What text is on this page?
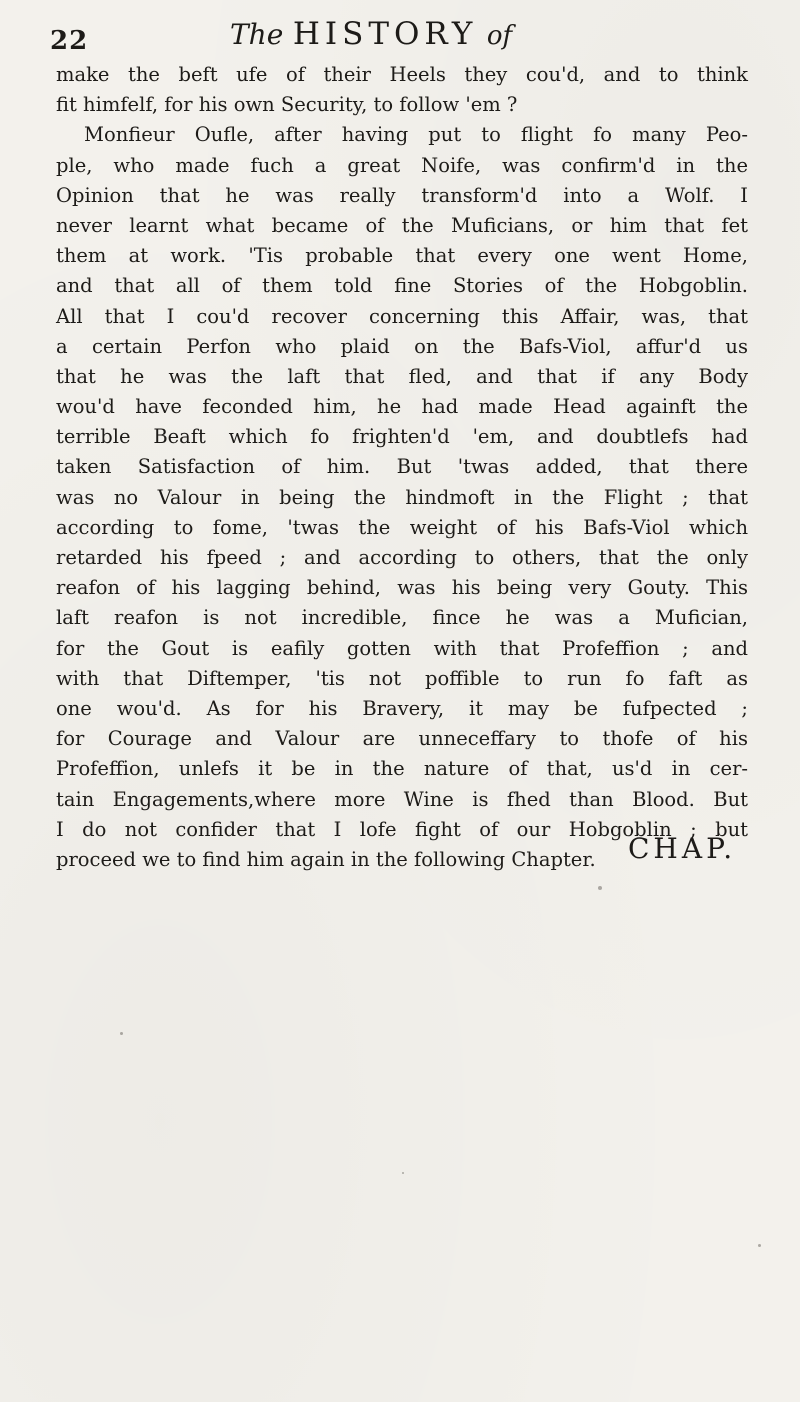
22	The HISTORY of
make the beft ufe of their Heels they cou'd, and to think
fit himfelf, for his own Security, to follow 'em ?
Monfieur Oufle, after having put to flight fo many Peo-
ple, who made fuch a great Noife, was confirm'd in the
Opinion that he was really transform'd into a Wolf. I
never learnt what became of the Muficians, or him that fet
them at work. 'Tis probable that every one went Home,
and that all of them told fine Stories of the Hobgoblin.
All that I cou'd recover concerning this Affair, was, that
a certain Perfon who plaid on the Bafs-Viol, affur'd us
that he was the laft that fled, and that if any Body
wou'd have feconded him, he had made Head againft the
terrible Beaft which fo frighten'd 'em, and doubtlefs had
taken Satisfaction of him. But 'twas added, that there
was no Valour in being the hindmoft in the Flight ; that
according to fome, 'twas the weight of his Bafs-Viol which
retarded his fpeed ; and according to others, that the only
reafon of his lagging behind, was his being very Gouty. This
laft reafon is not incredible, fince he was a Mufician,
for the Gout is eafily gotten with that Profeffion ; and
with that Diftemper, 'tis not poffible to run fo faft as
one wou'd. As for his Bravery, it may be fufpected ;
for Courage and Valour are unneceffary to thofe of his
Profeffion, unlefs it be in the nature of that, us'd in cer-
tain Engagements,where more Wine is fhed than Blood. But
I do not confider that I lofe fight of our Hobgoblin ; but
proceed we to find him again in the following Chapter.	CHAP.
